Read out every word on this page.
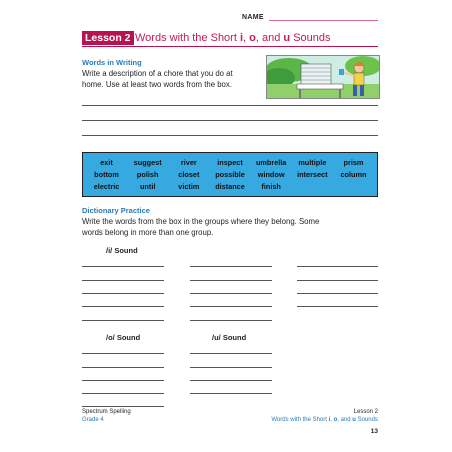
NAME
Lesson 2 Words with the Short i, o, and u Sounds
Words in Writing
Write a description of a chore that you do at
home. Use at least two words from the box.
exit	suggest	river	inspect umbrella multiple prism
bottom polish	closet possible window intersect column
electric	until	victim distance finish
Dictionary Practice
Write the words from the box in the groups where they belong. Some
words belong in more than one group.
/i/ Sound
/o/ Sound	/u/ Sound
Spectrum Spelling
Grade 4
Lesson 2
Words with the Short i, o, and u Sounds
13
